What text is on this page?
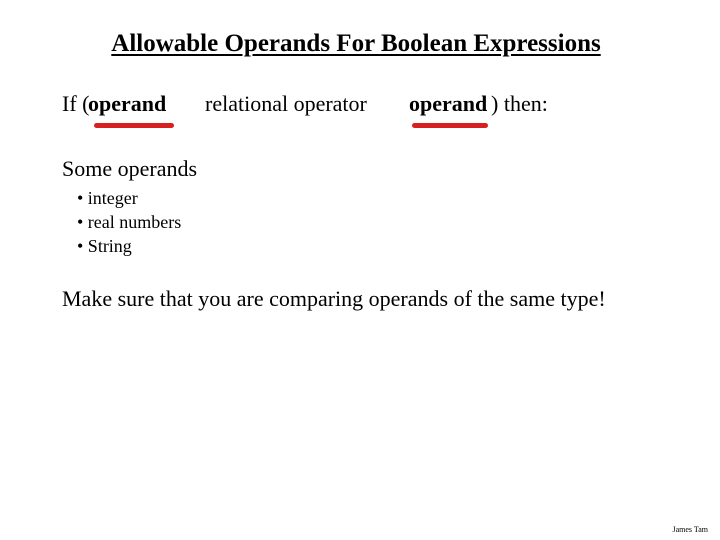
Allowable Operands For Boolean Expressions
If (
operand relational operator operand ) then:
Some operands
• integer
• real numbers
• String
Make sure that you are comparing operands of the same type!
James Tam
